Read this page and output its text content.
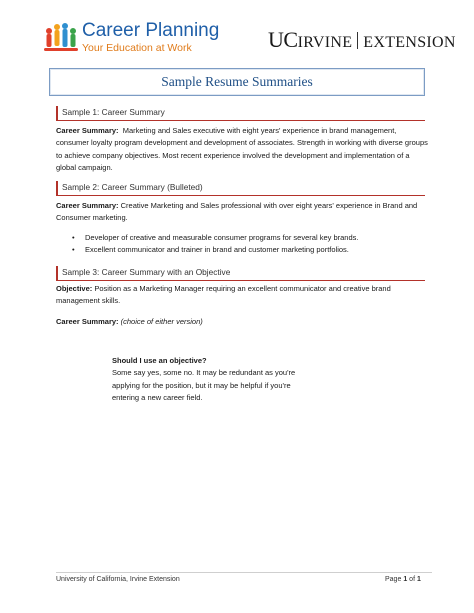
Career Planning
Your Education at Work	UCIRVINE EXTENSION
Sample Resume Summaries
Sample 1: Career Summary
Career Summary: Marketing and Sales executive with eight years' experience in brand management, consumer loyalty program development and development of associates. Strength in working with diverse groups to achieve company objectives. Most recent experience involved the development and implementation of a global campaign.
Sample 2: Career Summary (Bulleted)
Career Summary: Creative Marketing and Sales professional with over eight years' experience in Brand and Consumer marketing.
• Developer of creative and measurable consumer programs for several key brands.
• Excellent communicator and trainer in brand and customer marketing portfolios.
Sample 3: Career Summary with an Objective
Objective: Position as a Marketing Manager requiring an excellent communicator and creative brand management skills.
Career Summary: (choice of either version)
Should I use an objective?
Some say yes, some no. It may be redundant as you're applying for the position, but it may be helpful if you're entering a new career field.
University of California, Irvine Extension	Page 1 of 1
